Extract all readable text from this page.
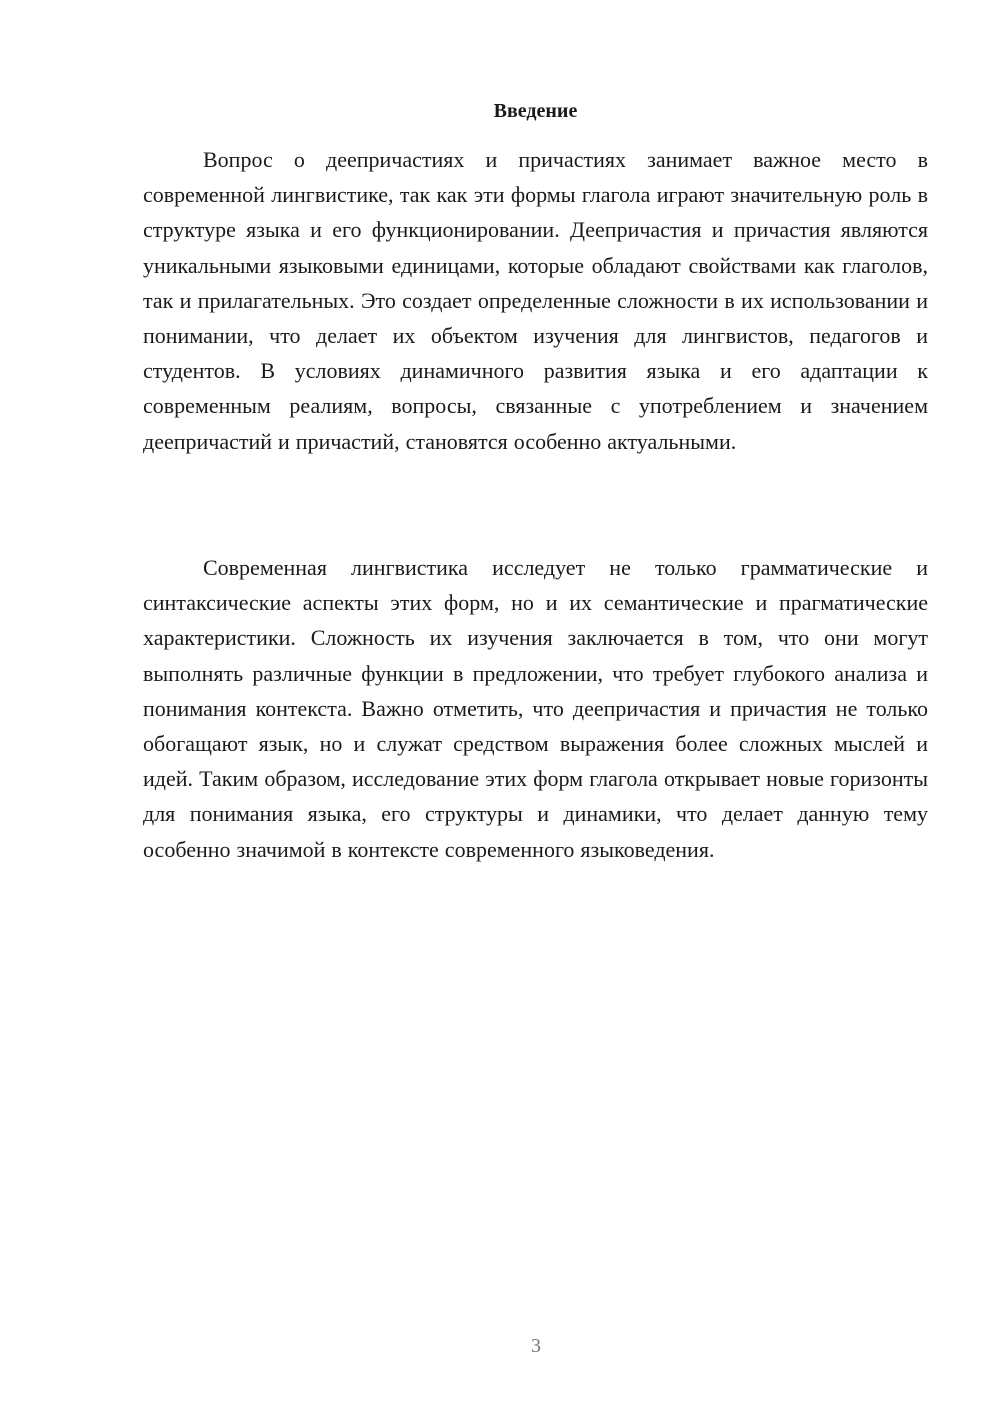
Введение

Вопрос о деепричастиях и причастиях занимает важное место в современной лингвистике, так как эти формы глагола играют значительную роль в структуре языка и его функционировании. Деепричастия и причастия являются уникальными языковыми единицами, которые обладают свойствами как глаголов, так и прилагательных. Это создает определенные сложности в их использовании и понимании, что делает их объектом изучения для лингвистов, педагогов и студентов. В условиях динамичного развития языка и его адаптации к современным реалиям, вопросы, связанные с употреблением и значением деепричастий и причастий, становятся особенно актуальными.

Современная лингвистика исследует не только грамматические и синтаксические аспекты этих форм, но и их семантические и прагматические характеристики. Сложность их изучения заключается в том, что они могут выполнять различные функции в предложении, что требует глубокого анализа и понимания контекста. Важно отметить, что деепричастия и причастия не только обогащают язык, но и служат средством выражения более сложных мыслей и идей. Таким образом, исследование этих форм глагола открывает новые горизонты для понимания языка, его структуры и динамики, что делает данную тему особенно значимой в контексте современного языковедения.

3
